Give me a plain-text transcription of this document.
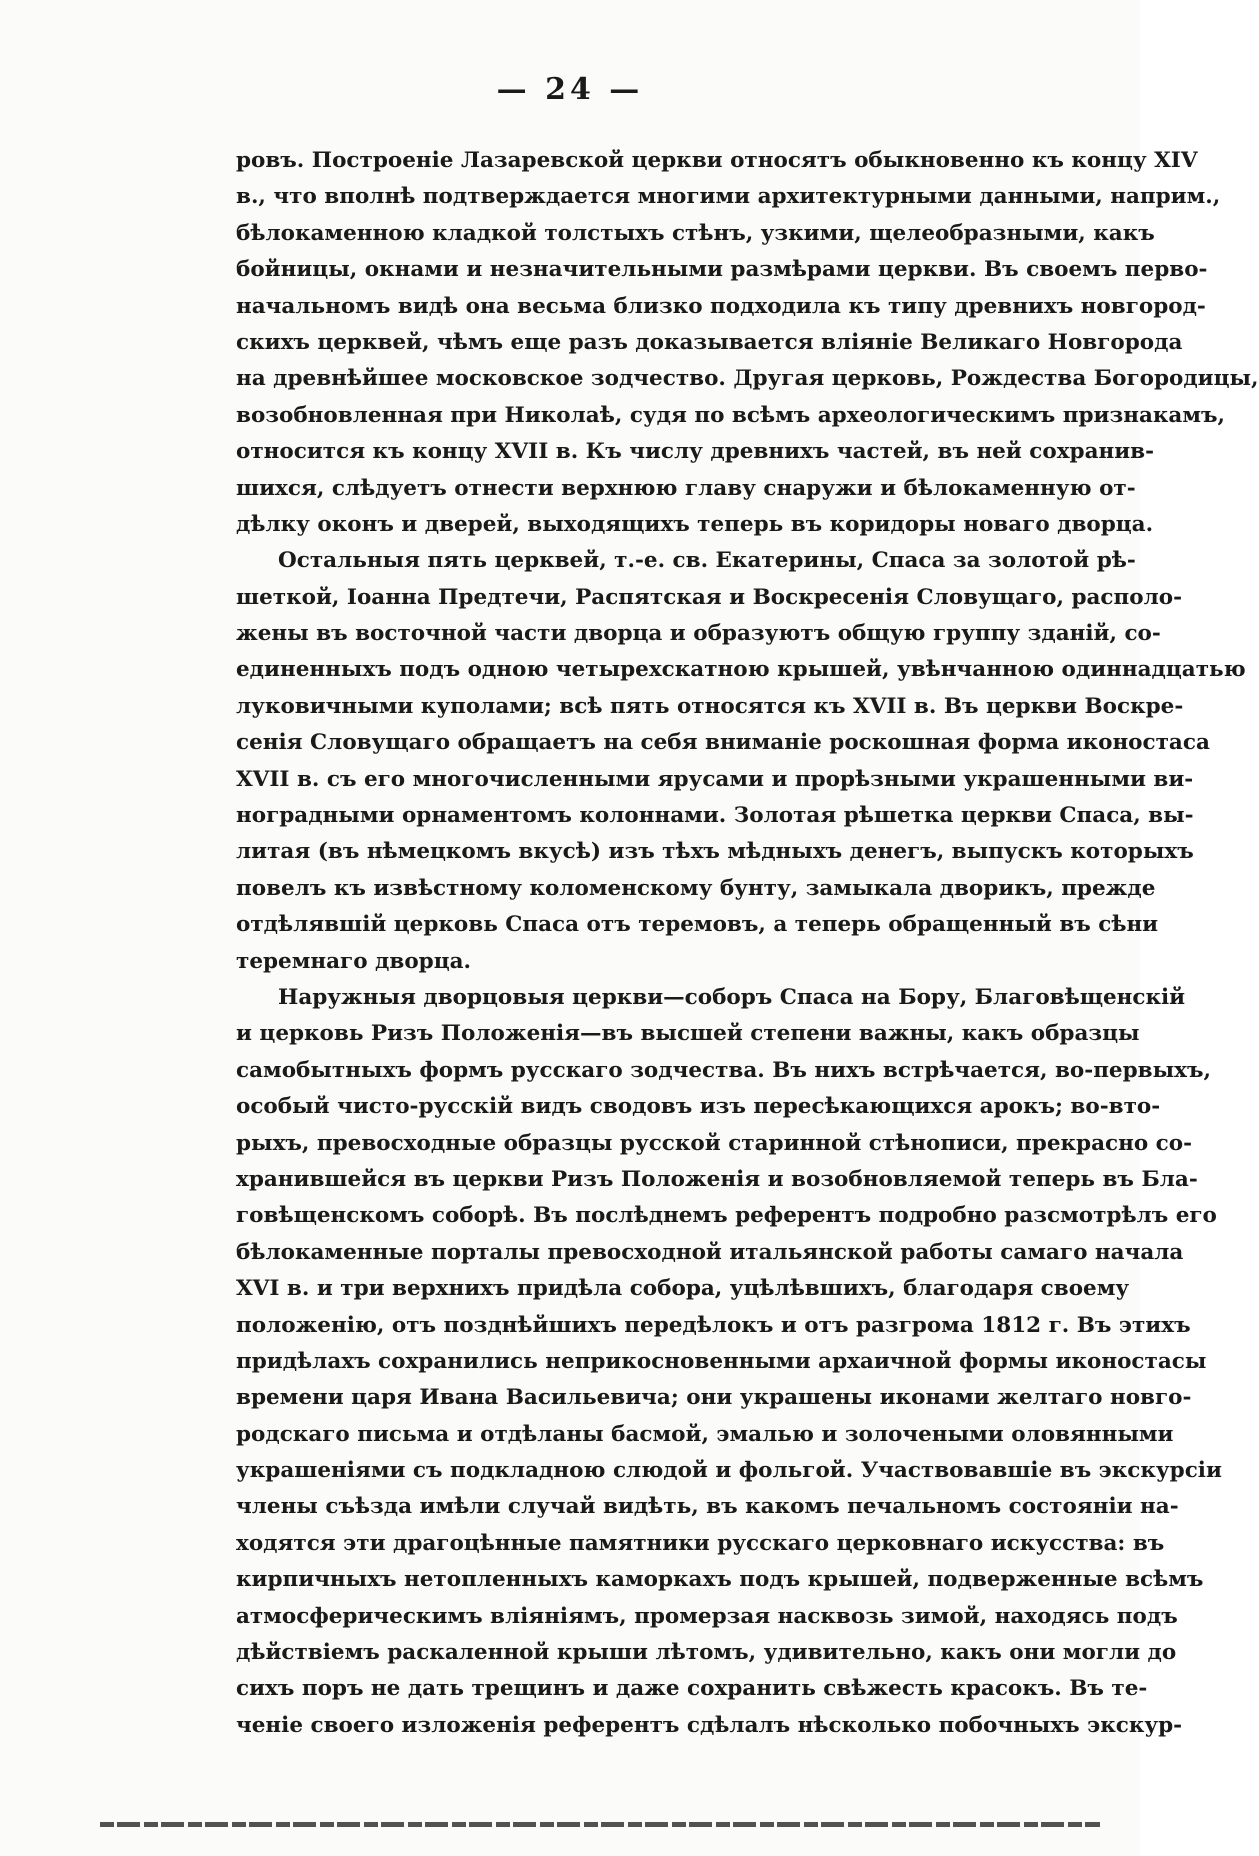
— 24 —
ровъ. Построеніе Лазаревской церкви относятъ обыкновенно къ концу XIV
в., что вполнѣ подтверждается многими архитектурными данными, наприм.,
бѣлокаменною кладкой толстыхъ стѣнъ, узкими, щелеобразными, какъ
бойницы, окнами и незначительными размѣрами церкви. Въ своемъ перво-
начальномъ видѣ она весьма близко подходила къ типу древнихъ новгород-
скихъ церквей, чѣмъ еще разъ доказывается вліяніе Великаго Новгорода
на древнѣйшее московское зодчество. Другая церковь, Рождества Богородицы,
возобновленная при Николаѣ, судя по всѣмъ археологическимъ признакамъ,
относится къ концу XVII в. Къ числу древнихъ частей, въ ней сохранив-
шихся, слѣдуетъ отнести верхнюю главу снаружи и бѣлокаменную от-
дѣлку оконъ и дверей, выходящихъ теперь въ коридоры новаго дворца.
Остальныя пять церквей, т.-е. св. Екатерины, Спаса за золотой рѣ-
шеткой, Іоанна Предтечи, Распятская и Воскресенія Словущаго, располо-
жены въ восточной части дворца и образуютъ общую группу зданій, со-
единенныхъ подъ одною четырехскатною крышей, увѣнчанною одиннадцатью
луковичными куполами; всѣ пять относятся къ XVII в. Въ церкви Воскре-
сенія Словущаго обращаетъ на себя вниманіе роскошная форма иконостаса
XVII в. съ его многочисленными ярусами и прорѣзными украшенными ви-
ноградными орнаментомъ колоннами. Золотая рѣшетка церкви Спаса, вы-
литая (въ нѣмецкомъ вкусѣ) изъ тѣхъ мѣдныхъ денегъ, выпускъ которыхъ
повелъ къ извѣстному коломенскому бунту, замыкала дворикъ, прежде
отдѣлявшій церковь Спаса отъ теремовъ, а теперь обращенный въ сѣни
теремнаго дворца.
Наружныя дворцовыя церкви—соборъ Спаса на Бору, Благовѣщенскій
и церковь Ризъ Положенія—въ высшей степени важны, какъ образцы
самобытныхъ формъ русскаго зодчества. Въ нихъ встрѣчается, во-первыхъ,
особый чисто-русскій видъ сводовъ изъ пересѣкающихся арокъ; во-вто-
рыхъ, превосходные образцы русской старинной стѣнописи, прекрасно со-
хранившейся въ церкви Ризъ Положенія и возобновляемой теперь въ Бла-
говѣщенскомъ соборѣ. Въ послѣднемъ референтъ подробно разсмотрѣлъ его
бѣлокаменные порталы превосходной итальянской работы самаго начала
XVI в. и три верхнихъ придѣла собора, уцѣлѣвшихъ, благодаря своему
положенію, отъ позднѣйшихъ передѣлокъ и отъ разгрома 1812 г. Въ этихъ
придѣлахъ сохранились неприкосновенными архаичной формы иконостасы
времени царя Ивана Васильевича; они украшены иконами желтаго новго-
родскаго письма и отдѣланы басмой, эмалью и золочеными оловянными
украшеніями съ подкладною слюдой и фольгой. Участвовавшіе въ экскурсіи
члены съѣзда имѣли случай видѣть, въ какомъ печальномъ состояніи на-
ходятся эти драгоцѣнные памятники русскаго церковнаго искусства: въ
кирпичныхъ нетопленныхъ каморкахъ подъ крышей, подверженные всѣмъ
атмосферическимъ вліяніямъ, промерзая насквозь зимой, находясь подъ
дѣйствіемъ раскаленной крыши лѣтомъ, удивительно, какъ они могли до
сихъ поръ не дать трещинъ и даже сохранить свѣжесть красокъ. Въ те-
ченіе своего изложенія референтъ сдѣлалъ нѣсколько побочныхъ экскур-
